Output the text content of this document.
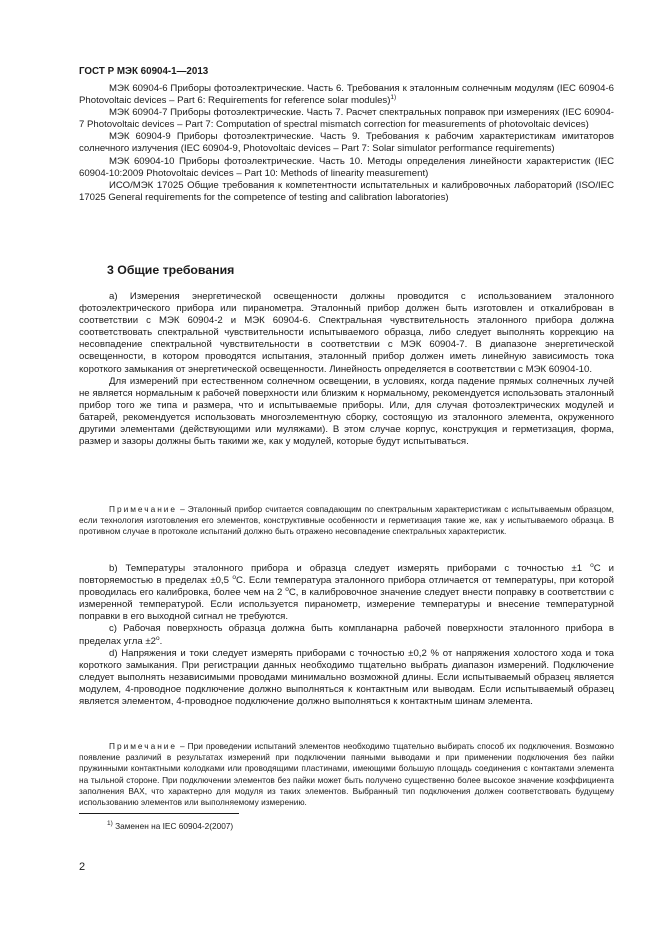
ГОСТ Р МЭК 60904-1—2013

МЭК 60904-6 Приборы фотоэлектрические. Часть 6. Требования к эталонным солнечным модулям (IEC 60904-6 Photovoltaic devices – Part 6: Requirements for reference solar modules)$^{1)}$

МЭК 60904-7 Приборы фотоэлектрические. Часть 7. Расчет спектральных поправок при измерениях (IEC 60904-7 Photovoltaic devices – Part 7: Computation of spectral mismatch correction for measurements of photovoltaic devices)

МЭК 60904-9 Приборы фотоэлектрические. Часть 9. Требования к рабочим характеристикам имитаторов солнечного излучения (IEC 60904-9, Photovoltaic devices – Part 7: Solar simulator performance requirements)

МЭК 60904-10 Приборы фотоэлектрические. Часть 10. Методы определения линейности характеристик (IEC 60904-10:2009 Photovoltaic devices – Part 10: Methods of linearity measurement)

ИСО/МЭК 17025 Общие требования к компетентности испытательных и калибровочных лабораторий (ISO/IEC 17025 General requirements for the competence of testing and calibration laboratories)

3 Общие требования

а) Измерения энергетической освещенности должны проводится с использованием эталонного фотоэлектрического прибора или пиранометра. Эталонный прибор должен быть изготовлен и откалиброван в соответствии с МЭК 60904-2 и МЭК 60904-6. Спектральная чувствительность эталонного прибора должна соответствовать спектральной чувствительности испытываемого образца, либо следует выполнять коррекцию на несовпадение спектральной чувствительности в соответствии с МЭК 60904-7. В диапазоне энергетической освещенности, в котором проводятся испытания, эталонный прибор должен иметь линейную зависимость тока короткого замыкания от энергетической освещенности. Линейность определяется в соответствии с МЭК 60904-10.

Для измерений при естественном солнечном освещении, в условиях, когда падение прямых солнечных лучей не является нормальным к рабочей поверхности или близким к нормальному, рекомендуется использовать эталонный прибор того же типа и размера, что и испытываемые приборы. Или, для случая фотоэлектрических модулей и батарей, рекомендуется использовать многоэлементную сборку, состоящую из эталонного элемента, окруженного другими элементами (действующими или муляжами). В этом случае корпус, конструкция и герметизация, форма, размер и зазоры должны быть такими же, как у модулей, которые будут испытываться.

Примечание – Эталонный прибор считается совпадающим по спектральным характеристикам с испытываемым образцом, если технология изготовления его элементов, конструктивные особенности и герметизация такие же, как у испытываемого образца. В противном случае в протоколе испытаний должно быть отражено несовпадение спектральных характеристик.

b) Температуры эталонного прибора и образца следует измерять приборами с точностью ±1 $^о$С и повторяемостью в пределах ±0,5 $^о$С. Если температура эталонного прибора отличается от температуры, при которой проводилась его калибровка, более чем на 2 $^о$С, в калибровочное значение следует внести поправку в соответствии с измеренной температурой. Если используется пиранометр, измерение температуры и внесение температурной поправки в его выходной сигнал не требуются.

с) Рабочая поверхность образца должна быть компланарна рабочей поверхности эталонного прибора в пределах угла $\pm 2^о$.

d) Напряжения и токи следует измерять приборами с точностью ±0,2 % от напряжения холостого хода и тока короткого замыкания. При регистрации данных необходимо тщательно выбрать диапазон измерений. Подключение следует выполнять независимыми проводами минимально возможной длины. Если испытываемый образец является модулем, 4-проводное подключение должно выполняться к контактным или выводам. Если испытываемый образец является элементом, 4-проводное подключение должно выполняться к контактным шинам элемента.

Примечание – При проведении испытаний элементов необходимо тщательно выбирать способ их подключения. Возможно появление различий в результатах измерений при подключении паяными выводами и при применении подключения без пайки пружинными контактными колодками или проводящими пластинами, имеющими большую площадь соединения с контактами элемента на тыльной стороне. При подключении элементов без пайки может быть получено существенно более высокое значение коэффициента заполнения ВАХ, что характерно для модуля из таких элементов. Выбранный тип подключения должен соответствовать будущему использованию элементов или выполняемому измерению.

$^{1)}$ Заменен на IEC 60904-2(2007)
2
